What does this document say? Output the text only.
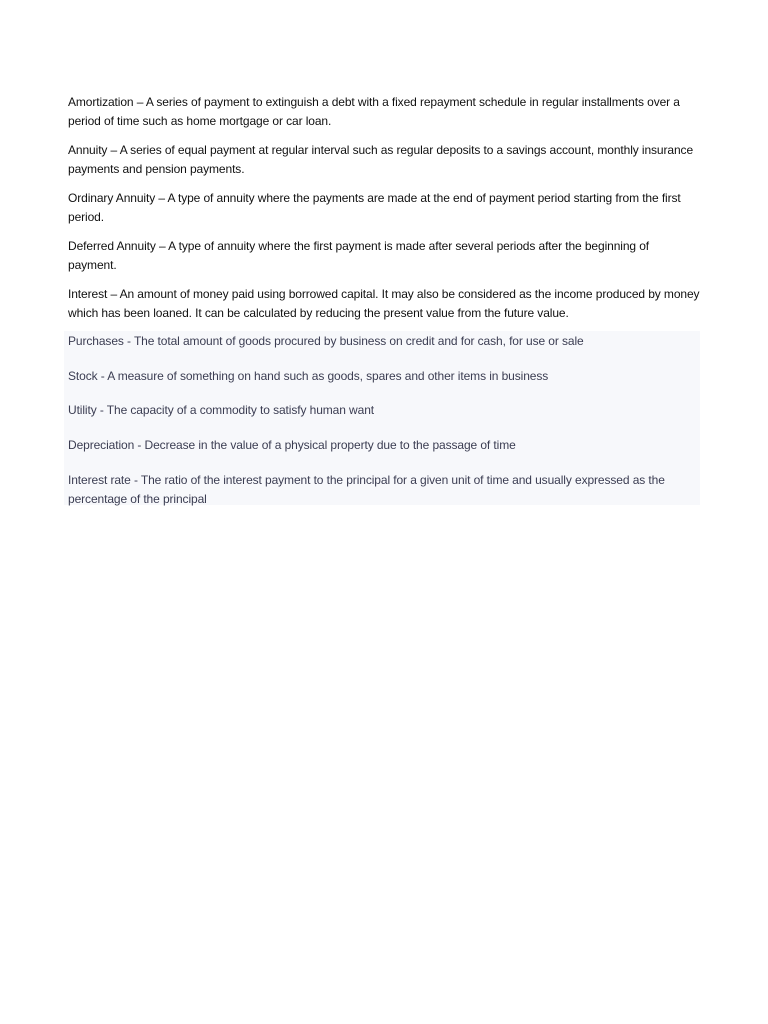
Amortization – A series of payment to extinguish a debt with a fixed repayment schedule in regular installments over a period of time such as home mortgage or car loan.

Annuity – A series of equal payment at regular interval such as regular deposits to a savings account, monthly insurance payments and pension payments.

Ordinary Annuity – A type of annuity where the payments are made at the end of payment period starting from the first period.

Deferred Annuity – A type of annuity where the first payment is made after several periods after the beginning of payment.

Interest – An amount of money paid using borrowed capital. It may also be considered as the income produced by money which has been loaned. It can be calculated by reducing the present value from the future value.

Purchases - The total amount of goods procured by business on credit and for cash, for use or sale

Stock - A measure of something on hand such as goods, spares and other items in business

Utility - The capacity of a commodity to satisfy human want

Depreciation - Decrease in the value of a physical property due to the passage of time

Interest rate - The ratio of the interest payment to the principal for a given unit of time and usually expressed as the percentage of the principal
